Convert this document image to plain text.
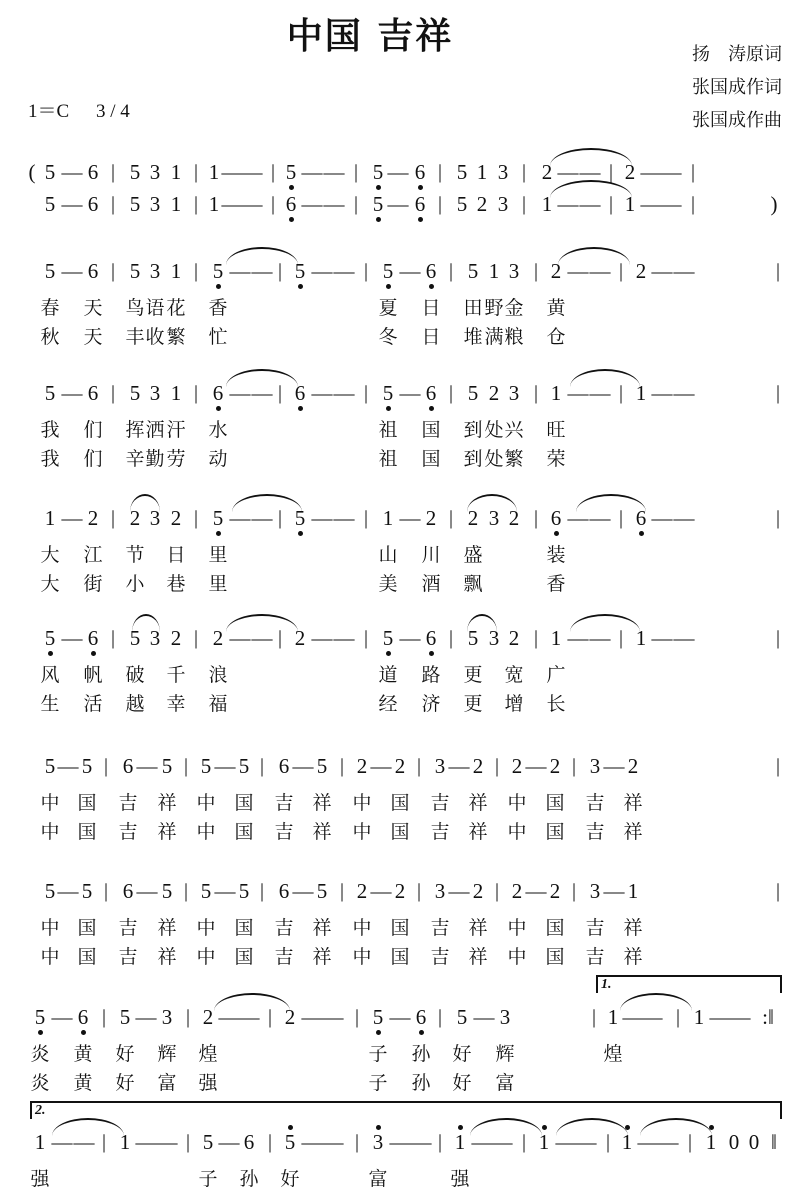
中国 吉祥	扬　涛原词
张国成作词
张国成作曲
1＝C 3 / 4
( 5 — 6 | 5 3 1 | 1 — — | 5 — — | 5 — 6 | 5 1 3 | 2 — — | 2 — — |
5 — 6 | 5 3 1 | 1 — — | 6 — — | 5 — 6 | 5 2 3 | 1 — — | 1 — — |	)
5 — 6 | 5 3 1 | 5 — — | 5 — — | 5 — 6 | 5 1 3 | 2 — — | 2 — —	|
春 天 鸟 语 花 香	夏 日 田 野 金 黄
秋 天 丰 收 繁 忙	冬 日 堆 满 粮 仓
5 — 6 | 5 3 1 | 6 — — | 6 — — | 5 — 6 | 5 2 3 | 1 — — | 1 — —	|
我 们 挥 洒 汗 水	祖 国 到 处 兴 旺
我 们 辛 勤 劳 动	祖 国 到 处 繁 荣
1 — 2 | 2 3 2 | 5 — — | 5 — — | 1 — 2 | 2 3 2 | 6 — — | 6 — —	|
大 江 节 日 里	山 川 盛	装
大 街 小 巷 里	美 酒 飘	香
5 — 6 | 5 3 2 | 2 — — | 2 — — | 5 — 6 | 5 3 2 | 1 — — | 1 — —	|
风 帆 破 千 浪	道 路 更 宽 广
生 活 越 幸 福	经 济 更 增 长
5 — 5 | 6 — 5 | 5 — 5 | 6 — 5 | 2 — 2 | 3 — 2 | 2 — 2 | 3 — 2	|
中 国 吉 祥 中 国 吉 祥 中 国 吉 祥 中 国 吉 祥
中 国 吉 祥 中 国 吉 祥 中 国 吉 祥 中 国 吉 祥
5 — 5 | 6 — 5 | 5 — 5 | 6 — 5 | 2 — 2 | 3 — 2 | 2 — 2 | 3 — 1	|
中 国 吉 祥 中 国 吉 祥 中 国 吉 祥 中 国 吉 祥
中 国 吉 祥 中 国 吉 祥 中 国 吉 祥 中 国 吉 祥
5 — 6 | 5 — 3 | 2 — — | 2 — — | 5 — 6 | 5 — 3	| 1 —
— | 1 — — :‖
炎 黄 好 辉 煌	子 孙 好 辉	煌
炎 黄 好 富 强	子 孙 好 富
1.
1 — — | 1 — — | 5 — 6 | 5 — — | 3 — — | 1 — — | 1 — — | 1 — — | 1 0 0 ‖
强	子 孙 好	富	强
2.
